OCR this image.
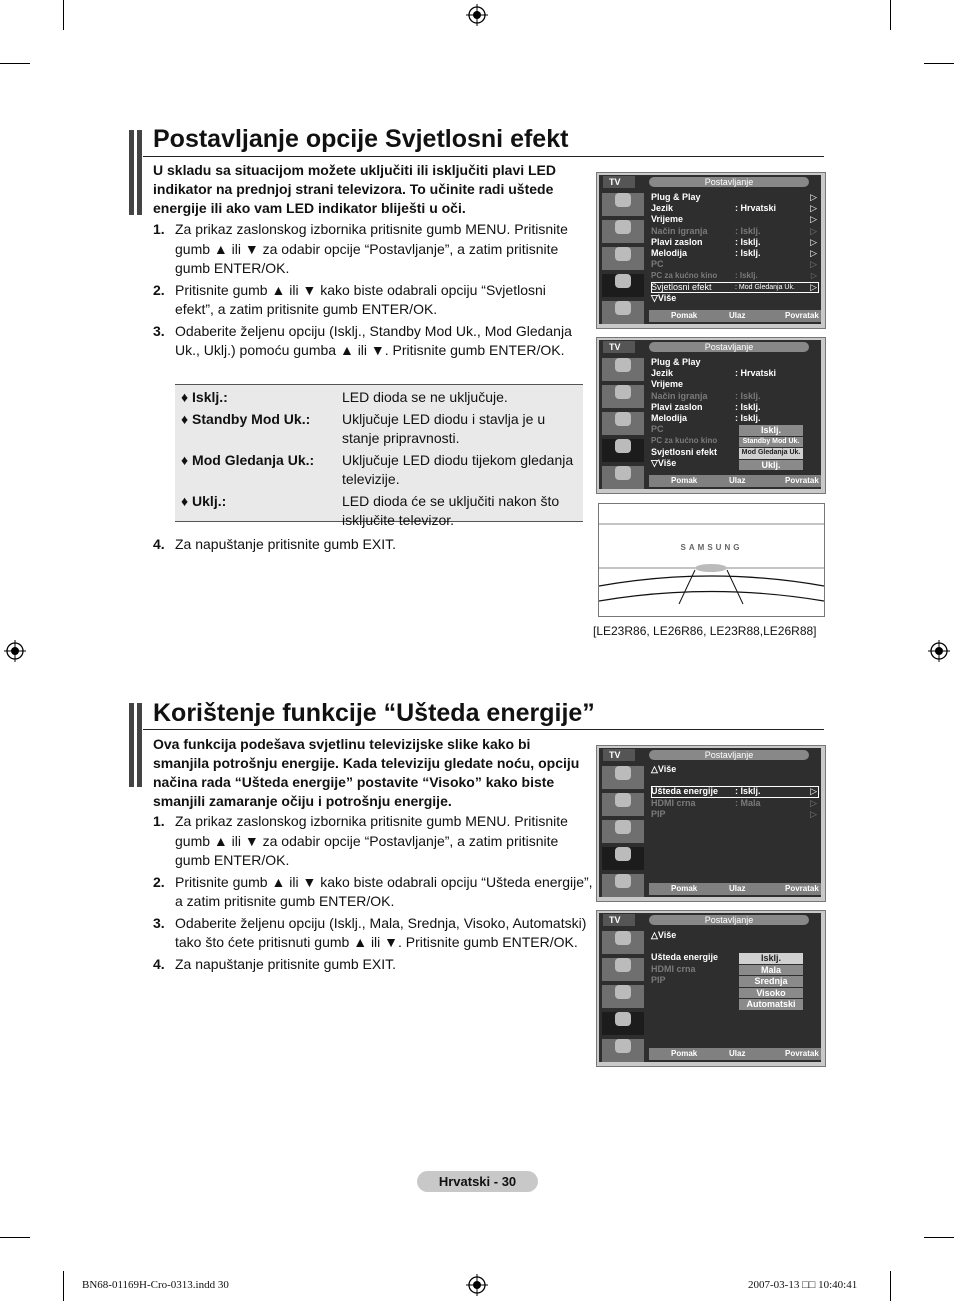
Postavljanje opcije Svjetlosni efekt
U skladu sa situacijom možete uključiti ili isključiti plavi LED indikator na prednjoj strani televizora. To učinite radi uštede energije ili ako vam LED indikator bliješti u oči.
1. Za prikaz zaslonskog izbornika pritisnite gumb MENU. Pritisnite gumb ▲ ili ▼ za odabir opcije “Postavljanje”, a zatim pritisnite gumb ENTER/OK.
2. Pritisnite gumb ▲ ili ▼ kako biste odabrali opciju “Svjetlosni efekt”, a zatim pritisnite gumb ENTER/OK.
3. Odaberite željenu opciju (Isklj., Standby Mod Uk., Mod Gledanja Uk., Uklj.) pomoću gumba ▲ ili ▼. Pritisnite gumb ENTER/OK.
♦ Isklj.:	LED dioda se ne uključuje.
♦ Standby Mod Uk.:	Uključuje LED diodu i stavlja je u stanje pripravnosti.
♦ Mod Gledanja Uk.:	Uključuje LED diodu tijekom gledanja televizije.
♦ Uklj.:	LED dioda će se uključiti nakon što isključite televizor.
4. Za napuštanje pritisnite gumb EXIT.
TV	Postavljanje
Plug & Play	▷
Jezik	: Hrvatski	▷
Vrijeme	▷
Način igranja	: Isklj.	▷
Plavi zaslon	: Isklj.	▷
Melodija	: Isklj.	▷
PC	▷
PC za kućno kino : Isklj.	▷
Svjetlosni efekt	: Mod Gledanja Uk. ▷
▽Više
Pomak	Ulaz	Povratak
TV	Postavljanje
Plug & Play
Jezik	: Hrvatski
Vrijeme
Način igranja	: Isklj.
Plavi zaslon	: Isklj.
Melodija	: Isklj.
PC
PC za kućno kino
Svjetlosni efekt
▽Više
Isklj.
Standby Mod Uk.
Mod Gledanja Uk.
Uklj.
Pomak	Ulaz	Povratak
SAMSUNG
[LE23R86, LE26R86, LE23R88,LE26R88]
Korištenje funkcije “Ušteda energije”
Ova funkcija podešava svjetlinu televizijske slike kako bi smanjila potrošnju energije. Kada televiziju gledate noću, opciju načina rada “Ušteda energije” postavite “Visoko” kako biste smanjili zamaranje očiju i potrošnju energije.
1. Za prikaz zaslonskog izbornika pritisnite gumb MENU. Pritisnite gumb ▲ ili ▼ za odabir opcije “Postavljanje”, a zatim pritisnite gumb ENTER/OK.
2. Pritisnite gumb ▲ ili ▼ kako biste odabrali opciju “Ušteda energije”, a zatim pritisnite gumb ENTER/OK.
3. Odaberite željenu opciju (Isklj., Mala, Srednja, Visoko, Automatski) tako što ćete pritisnuti gumb ▲ ili ▼. Pritisnite gumb ENTER/OK.
4. Za napuštanje pritisnite gumb EXIT.
TV	Postavljanje
△Više
Ušteda energije : Isklj.	▷
HDMI crna	: Mala	▷
PIP	▷
Pomak	Ulaz	Povratak
TV	Postavljanje
△Više
Ušteda energije
HDMI crna
PIP
Isklj.
Mala
Srednja
Visoko
Automatski
Pomak	Ulaz	Povratak
Hrvatski - 30
BN68-01169H-Cro-0313.indd 30	2007-03-13 □□ 10:40:41
